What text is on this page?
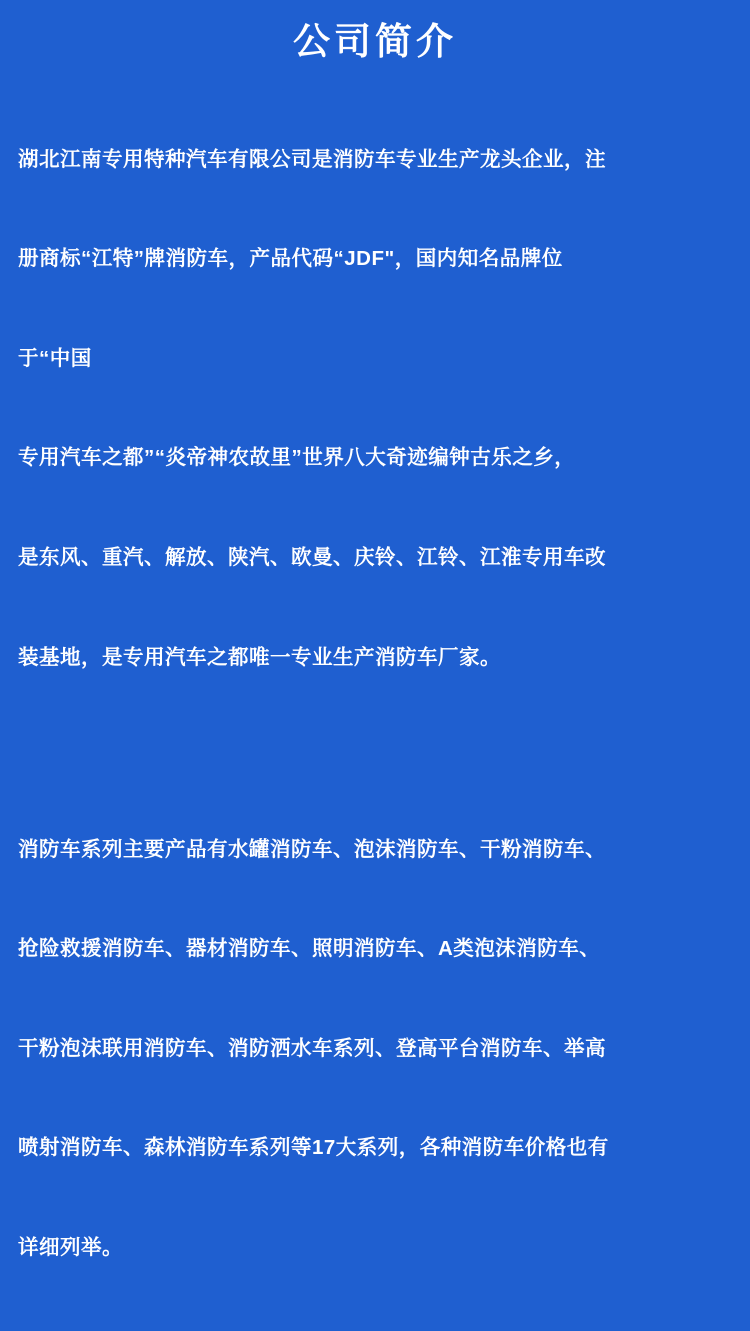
公司简介

湖北江南专用特种汽车有限公司是消防车专业生产龙头企业，注

册商标“江特”牌消防车，产品代码“JDF"，国内知名品牌位

于“中国

专用汽车之都”“炎帝神农故里”世界八大奇迹编钟古乐之乡，

是东风、重汽、解放、陕汽、欧曼、庆铃、江铃、江淮专用车改

装基地，是专用汽车之都唯一专业生产消防车厂家。

消防车系列主要产品有水罐消防车、泡沫消防车、干粉消防车、

抢险救援消防车、器材消防车、照明消防车、A类泡沫消防车、

干粉泡沫联用消防车、消防洒水车系列、登高平台消防车、举高

喷射消防车、森林消防车系列等17大系列，各种消防车价格也有

详细列举。
